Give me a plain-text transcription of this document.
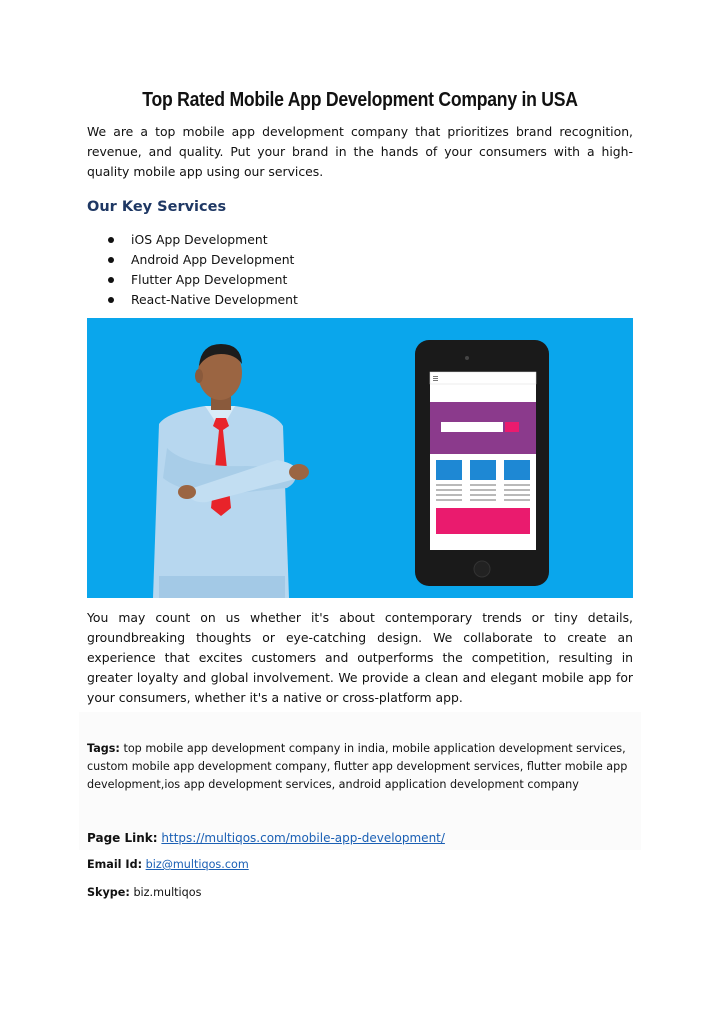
Top Rated Mobile App Development Company in USA
We are a top mobile app development company that prioritizes brand recognition, revenue, and quality. Put your brand in the hands of your consumers with a high-quality mobile app using our services.
Our Key Services
iOS App Development
Android App Development
Flutter App Development
React-Native Development
You may count on us whether it's about contemporary trends or tiny details, groundbreaking thoughts or eye-catching design. We collaborate to create an experience that excites customers and outperforms the competition, resulting in greater loyalty and global involvement. We provide a clean and elegant mobile app for your consumers, whether it's a native or cross-platform app.
Tags: top mobile app development company in india, mobile application development services, custom mobile app development company, flutter app development services, flutter mobile app development,ios app development services, android application development company
Page Link: https://multiqos.com/mobile-app-development/
Email Id: biz@multiqos.com
Skype: biz.multiqos
